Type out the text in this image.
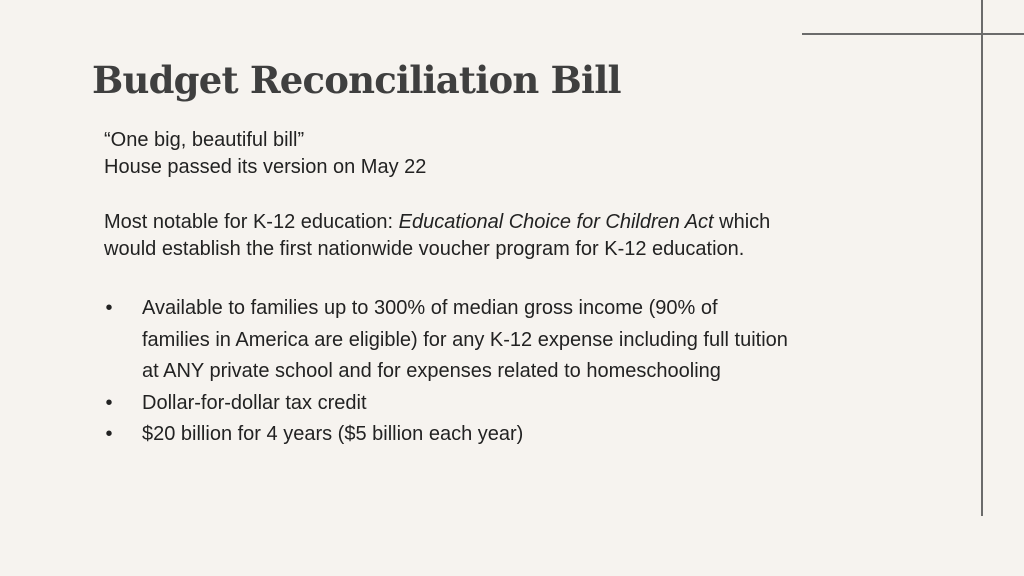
Budget Reconciliation Bill
“One big, beautiful bill”
House passed its version on May 22
Most notable for K-12 education: Educational Choice for Children Act which
would establish the first nationwide voucher program for K-12 education.
• Available to families up to 300% of median gross income (90% of
families in America are eligible) for any K-12 expense including full tuition
at ANY private school and for expenses related to homeschooling
• Dollar-for-dollar tax credit
• $20 billion for 4 years ($5 billion each year)
